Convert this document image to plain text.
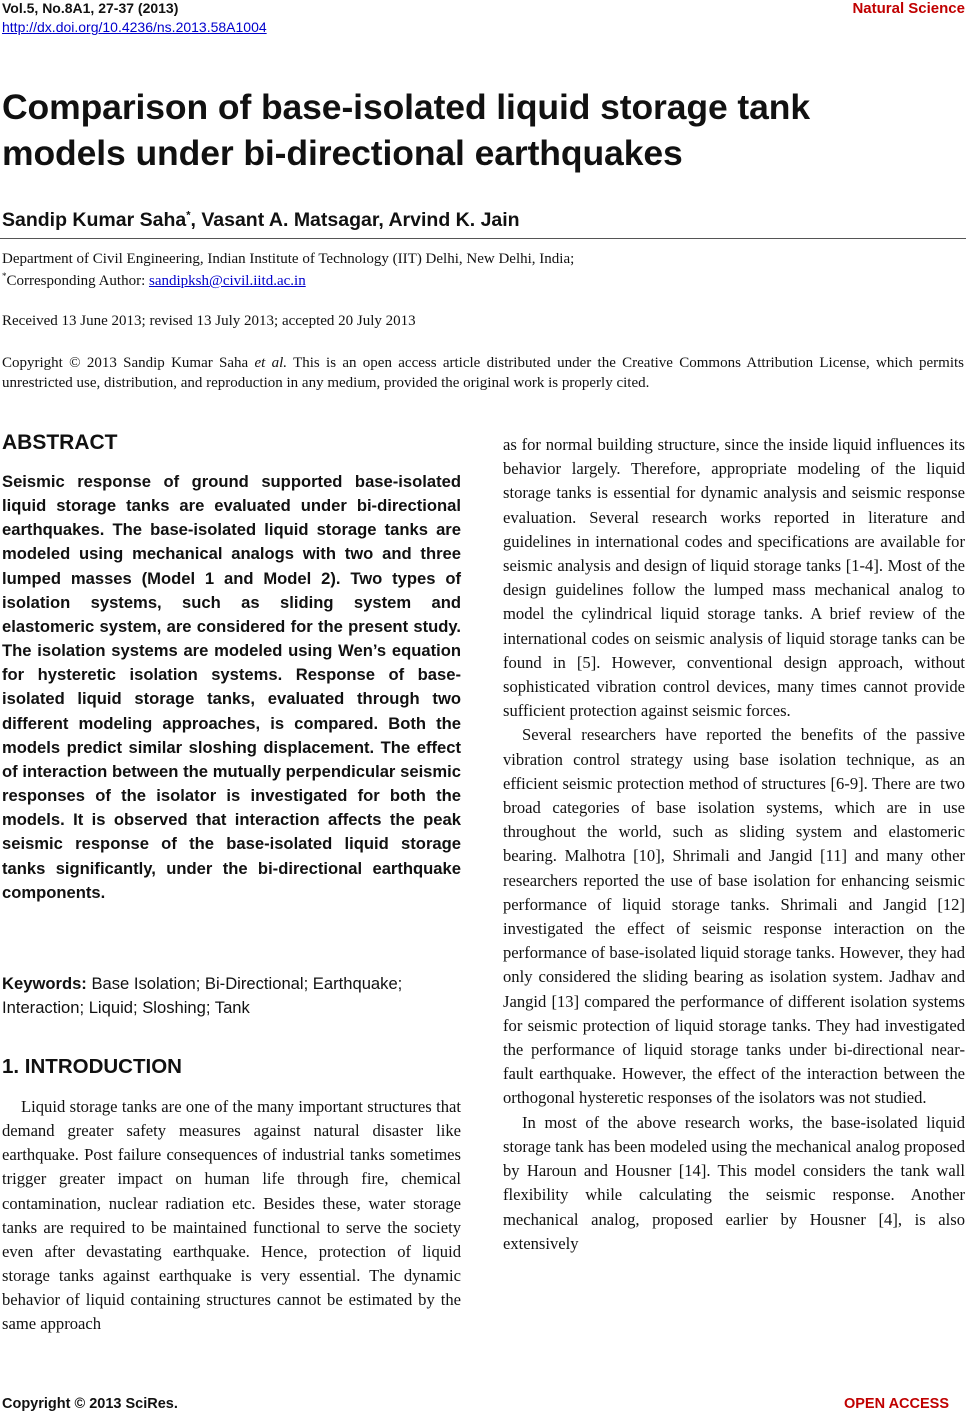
Vol.5, No.8A1, 27-37 (2013)	Natural Science
http://dx.doi.org/10.4236/ns.2013.58A1004
Comparison of base-isolated liquid storage tank models under bi-directional earthquakes
Sandip Kumar Saha*, Vasant A. Matsagar, Arvind K. Jain
Department of Civil Engineering, Indian Institute of Technology (IIT) Delhi, New Delhi, India;
*Corresponding Author: sandipksh@civil.iitd.ac.in
Received 13 June 2013; revised 13 July 2013; accepted 20 July 2013
Copyright © 2013 Sandip Kumar Saha et al. This is an open access article distributed under the Creative Commons Attribution License, which permits unrestricted use, distribution, and reproduction in any medium, provided the original work is properly cited.
ABSTRACT
Seismic response of ground supported base-isolated liquid storage tanks are evaluated under bi-directional earthquakes. The base-isolated liquid storage tanks are modeled using mechanical analogs with two and three lumped masses (Model 1 and Model 2). Two types of isolation systems, such as sliding system and elastomeric system, are considered for the present study. The isolation systems are modeled using Wen’s equation for hysteretic isolation systems. Response of base-isolated liquid storage tanks, evaluated through two different modeling approaches, is compared. Both the models predict similar sloshing displacement. The effect of interaction between the mutually perpendicular seismic responses of the isolator is investigated for both the models. It is observed that interaction affects the peak seismic response of the base-isolated liquid storage tanks significantly, under the bi-directional earthquake components.
Keywords: Base Isolation; Bi-Directional; Earthquake; Interaction; Liquid; Sloshing; Tank
1. INTRODUCTION

Liquid storage tanks are one of the many important structures that demand greater safety measures against natural disaster like earthquake. Post failure consequences of industrial tanks sometimes trigger greater impact on human life through fire, chemical contamination, nuclear radiation etc. Besides these, water storage tanks are required to be maintained functional to serve the society even after devastating earthquake. Hence, protection of liquid storage tanks against earthquake is very essential. The dynamic behavior of liquid containing structures cannot be estimated by the same approach

as for normal building structure, since the inside liquid influences its behavior largely. Therefore, appropriate modeling of the liquid storage tanks is essential for dynamic analysis and seismic response evaluation. Several research works reported in literature and guidelines in international codes and specifications are available for seismic analysis and design of liquid storage tanks [1-4]. Most of the design guidelines follow the lumped mass mechanical analog to model the cylindrical liquid storage tanks. A brief review of the international codes on seismic analysis of liquid storage tanks can be found in [5]. However, conventional design approach, without sophisticated vibration control devices, many times cannot provide sufficient protection against seismic forces.

Several researchers have reported the benefits of the passive vibration control strategy using base isolation technique, as an efficient seismic protection method of structures [6-9]. There are two broad categories of base isolation systems, which are in use throughout the world, such as sliding system and elastomeric bearing. Malhotra [10], Shrimali and Jangid [11] and many other researchers reported the use of base isolation for enhancing seismic performance of liquid storage tanks. Shrimali and Jangid [12] investigated the effect of seismic response interaction on the performance of base-isolated liquid storage tanks. However, they had only considered the sliding bearing as isolation system. Jadhav and Jangid [13] compared the performance of different isolation systems for seismic protection of liquid storage tanks. They had investigated the performance of liquid storage tanks under bi-directional near-fault earthquake. However, the effect of the interaction between the orthogonal hysteretic responses of the isolators was not studied.

In most of the above research works, the base-isolated liquid storage tank has been modeled using the mechanical analog proposed by Haroun and Housner [14]. This model considers the tank wall flexibility while calculating the seismic response. Another mechanical analog, proposed earlier by Housner [4], is also extensively

Copyright © 2013 SciRes.	OPEN ACCESS
